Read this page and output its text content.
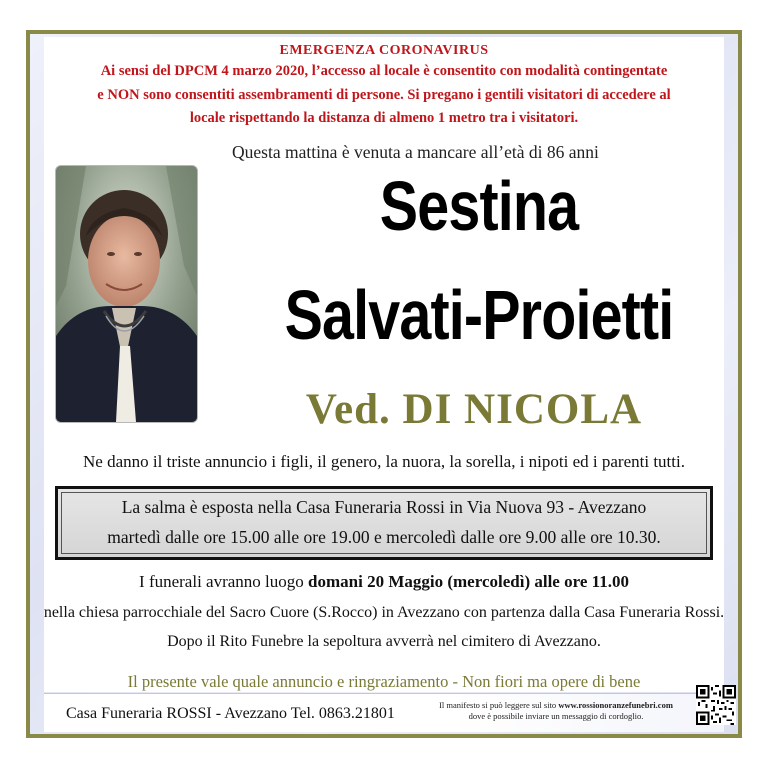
EMERGENZA CORONAVIRUS
Ai sensi del DPCM 4 marzo 2020, l’accesso al locale è consentito con modalità contingentate
e NON sono consentiti assembramenti di persone. Si pregano i gentili visitatori di accedere al
locale rispettando la distanza di almeno 1 metro tra i visitatori.
Questa mattina è venuta a mancare all’età di 86 anni
Sestina
Salvati-Proietti
Ved. DI NICOLA
Ne danno il triste annuncio i figli, il genero, la nuora, la sorella, i nipoti ed i parenti tutti.
La salma è esposta nella Casa Funeraria Rossi in Via Nuova 93 - Avezzano
martedì dalle ore 15.00 alle ore 19.00 e mercoledì dalle ore 9.00 alle ore 10.30.
I funerali avranno luogo domani 20 Maggio (mercoledì) alle ore 11.00
nella chiesa parrocchiale del Sacro Cuore (S.Rocco) in Avezzano con partenza dalla Casa Funeraria Rossi.
Dopo il Rito Funebre la sepoltura avverrà nel cimitero di Avezzano.
Il presente vale quale annuncio e ringraziamento - Non fiori ma opere di bene
Casa Funeraria ROSSI - Avezzano Tel. 0863.21801	Il manifesto si può leggere sul sito www.rossionoranzefunebri.com
dove è possibile inviare un messaggio di cordoglio.
